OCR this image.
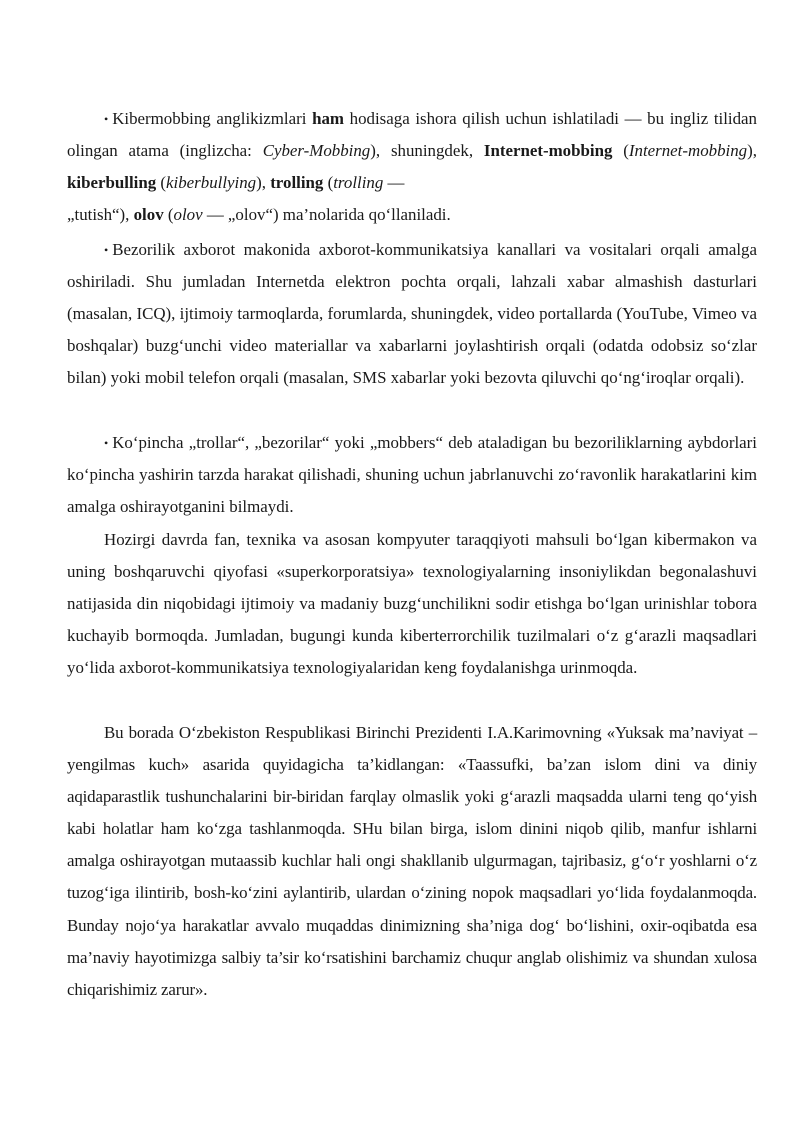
• Kibermobbing anglikizmlari ham hodisaga ishora qilish uchun ishlatiladi — bu ingliz tilidan olingan atama (inglizcha: Cyber-Mobbing), shuningdek, Internet-mobbing (Internet-mobbing), kiberbulling (kiberbullying), trolling (trolling —
„tutish“), olov (olov — „olov“) ma’nolarida qo‘llaniladi.

• Bezorilik axborot makonida axborot-kommunikatsiya kanallari va vositalari orqali amalga oshiriladi. Shu jumladan Internetda elektron pochta orqali, lahzali xabar almashish dasturlari (masalan, ICQ), ijtimoiy tarmoqlarda, forumlarda, shuningdek, video portallarda (YouTube, Vimeo va boshqalar) buzg‘unchi video materiallar va xabarlarni joylashtirish orqali (odatda odobsiz so‘zlar bilan) yoki mobil telefon orqali (masalan, SMS xabarlar yoki bezovta qiluvchi qo‘ng‘iroqlar orqali).

• Ko‘pincha „trollar“, „bezorilar“ yoki „mobbers“ deb ataladigan bu bezoriliklarning aybdorlari ko‘pincha yashirin tarzda harakat qilishadi, shuning uchun jabrlanuvchi zo‘ravonlik harakatlarini kim amalga oshirayotganini bilmaydi.

Hozirgi davrda fan, texnika va asosan kompyuter taraqqiyoti mahsuli bo‘lgan kibermakon va uning boshqaruvchi qiyofasi «superkorporatsiya» texnologiyalarning insoniylikdan begonalashuvi natijasida din niqobidagi ijtimoiy va madaniy buzg‘unchilikni sodir etishga bo‘lgan urinishlar tobora kuchayib bormoqda. Jumladan, bugungi kunda kiberterrorchilik tuzilmalari o‘z g‘arazli maqsadlari yo‘lida axborot-kommunikatsiya texnologiyalaridan keng foydalanishga urinmoqda.

Bu borada O‘zbekiston Respublikasi Birinchi Prezidenti I.A.Karimovning «Yuksak ma’naviyat – yengilmas kuch» asarida quyidagicha ta’kidlangan: «Taassufki, ba’zan islom dini va diniy aqidaparastlik tushunchalarini bir-biridan farqlay olmaslik yoki g‘arazli maqsadda ularni teng qo‘yish kabi holatlar ham ko‘zga tashlanmoqda. SHu bilan birga, islom dinini niqob qilib, manfur ishlarni amalga oshirayotgan mutaassib kuchlar hali ongi shakllanib ulgurmagan, tajribasiz, g‘o‘r yoshlarni o‘z tuzog‘iga ilintirib, bosh-ko‘zini aylantirib, ulardan o‘zining nopok maqsadlari yo‘lida foydalanmoqda. Bunday nojo‘ya harakatlar avvalo muqaddas dinimizning sha’niga dog‘ bo‘lishini, oxir-oqibatda esa ma’naviy hayotimizga salbiy ta’sir ko‘rsatishini barchamiz chuqur anglab olishimiz va shundan xulosa chiqarishimiz zarur».
